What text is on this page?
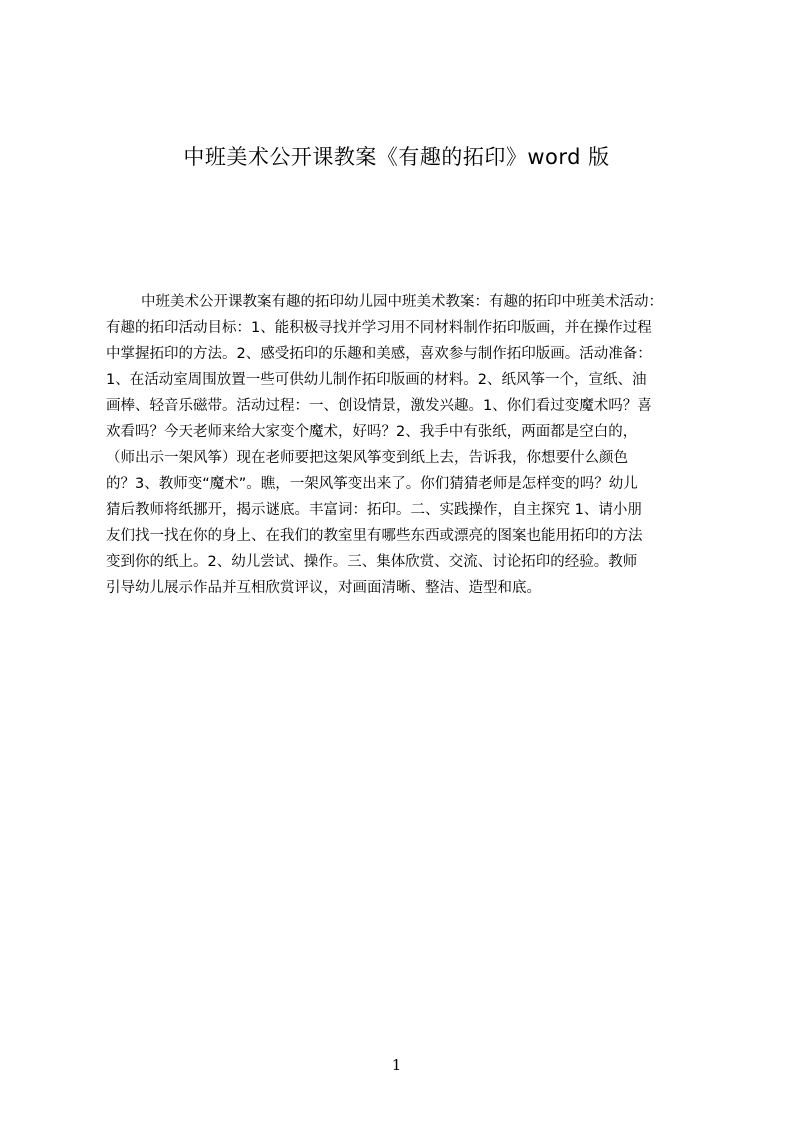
中班美术公开课教案《有趣的拓印》word 版
中班美术公开课教案有趣的拓印幼儿园中班美术教案：有趣的拓印中班美术活动：
有趣的拓印活动目标：1、能积极寻找并学习用不同材料制作拓印版画，并在操作过程
中掌握拓印的方法。2、感受拓印的乐趣和美感，喜欢参与制作拓印版画。活动准备：
1、在活动室周围放置一些可供幼儿制作拓印版画的材料。2、纸风筝一个，宣纸、油
画棒、轻音乐磁带。活动过程：一、创设情景，激发兴趣。1、你们看过变魔术吗？喜
欢看吗？今天老师来给大家变个魔术，好吗？2、我手中有张纸，两面都是空白的，
（师出示一架风筝）现在老师要把这架风筝变到纸上去，告诉我，你想要什么颜色
的？3、教师变“魔术”。瞧，一架风筝变出来了。你们猜猜老师是怎样变的吗？幼儿
猜后教师将纸挪开，揭示谜底。丰富词：拓印。二、实践操作，自主探究 1、请小朋
友们找一找在你的身上、在我们的教室里有哪些东西或漂亮的图案也能用拓印的方法
变到你的纸上。2、幼儿尝试、操作。三、集体欣赏、交流、讨论拓印的经验。教师
引导幼儿展示作品并互相欣赏评议，对画面清晰、整洁、造型和底。
1
